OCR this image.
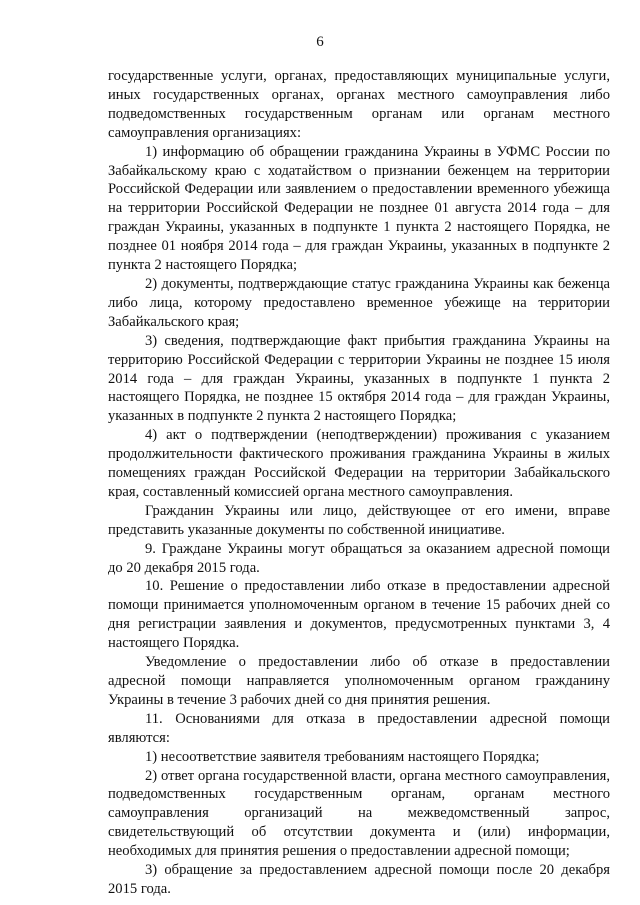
6

государственные услуги, органах, предоставляющих муниципальные услуги, иных государственных органах, органах местного самоуправления либо подведомственных государственным органам или органам местного самоуправления организациях:

1) информацию об обращении гражданина Украины в УФМС России по Забайкальскому краю с ходатайством о признании беженцем на территории Российской Федерации или заявлением о предоставлении временного убежища на территории Российской Федерации не позднее 01 августа 2014 года – для граждан Украины, указанных в подпункте 1 пункта 2 настоящего Порядка, не позднее 01 ноября 2014 года – для граждан Украины, указанных в подпункте 2 пункта 2 настоящего Порядка;

2) документы, подтверждающие статус гражданина Украины как беженца либо лица, которому предоставлено временное убежище на территории Забайкальского края;

3) сведения, подтверждающие факт прибытия гражданина Украины на территорию Российской Федерации с территории Украины не позднее 15 июля 2014 года – для граждан Украины, указанных в подпункте 1 пункта 2 настоящего Порядка, не позднее 15 октября 2014 года – для граждан Украины, указанных в подпункте 2 пункта 2 настоящего Порядка;

4) акт о подтверждении (неподтверждении) проживания с указанием продолжительности фактического проживания гражданина Украины в жилых помещениях граждан Российской Федерации на территории Забайкальского края, составленный комиссией органа местного самоуправления.

Гражданин Украины или лицо, действующее от его имени, вправе представить указанные документы по собственной инициативе.

9. Граждане Украины могут обращаться за оказанием адресной помощи до 20 декабря 2015 года.

10. Решение о предоставлении либо отказе в предоставлении адресной помощи принимается уполномоченным органом в течение 15 рабочих дней со дня регистрации заявления и документов, предусмотренных пунктами 3, 4 настоящего Порядка.

Уведомление о предоставлении либо об отказе в предоставлении адресной помощи направляется уполномоченным органом гражданину Украины в течение 3 рабочих дней со дня принятия решения.

11. Основаниями для отказа в предоставлении адресной помощи являются:

1) несоответствие заявителя требованиям настоящего Порядка;

2) ответ органа государственной власти, органа местного самоуправления, подведомственных государственным органам, органам местного самоуправления организаций на межведомственный запрос, свидетельствующий об отсутствии документа и (или) информации, необходимых для принятия решения о предоставлении адресной помощи;

3) обращение за предоставлением адресной помощи после 20 декабря 2015 года.
